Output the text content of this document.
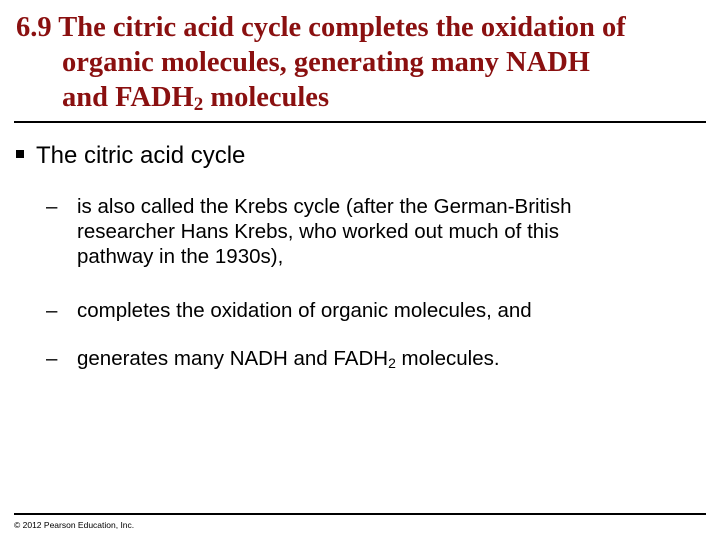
6.9 The citric acid cycle completes the oxidation of
organic molecules, generating many NADH
and $FADH_2$ molecules
The citric acid cycle
– is also called the Krebs cycle (after the German-British
researcher Hans Krebs, who worked out much of this
pathway in the 1930s),
– completes the oxidation of organic molecules, and
– generates many NADH and $FADH_2$ molecules.
© 2012 Pearson Education, Inc.
